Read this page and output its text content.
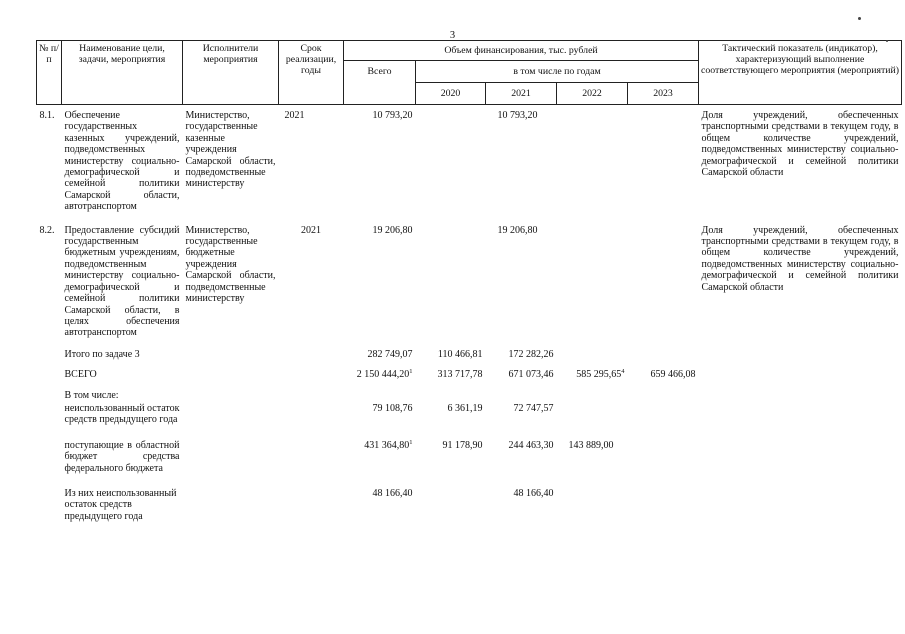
3
№ п/п	Наименование цели, задачи, мероприятия	Исполнители мероприятия	Срок реализации, годы	Объем финансирования, тыс. рублей					Тактический показатель (индикатор), характеризующий выполнение соответствующего мероприятия (мероприятий)
				Всего	в том числе по годам				
					2020	2021	2022	2023	
8.1.	Обеспечение государственных казенных учреждений, подведомственных министерству социально-демографической и семейной политики Самарской области, автотранспортом	Министерство, государственные казенные учреждения Самарской области, подведомственные министерству	2021	10 793,20		10 793,20			Доля учреждений, обеспеченных транспортными средствами в текущем году, в общем количестве учреждений, подведомственных министерству социально-демографической и семейной политики Самарской области

8.2.	Предоставление субсидий государственным бюджетным учреждениям, подведомственным министерству социально-демографической и семейной политики Самарской области, в целях обеспечения автотранспортом	Министерство, государственные бюджетные учреждения Самарской области, подведомственные министерству	2021	19 206,80		19 206,80			Доля учреждений, обеспеченных транспортными средствами в текущем году, в общем количестве учреждений, подведомственных министерству социально-демографической и семейной политики Самарской области

	Итого по задаче 3			282 749,07	110 466,81	172 282,26			

	ВСЕГО			2 150 444,20$^1$	313 717,78	671 073,46	585 295,65$^4$	659 466,08	

	В том числе:								
	неиспользованный остаток средств предыдущего года			79 108,76	6 361,19	72 747,57			

	поступающие в областной бюджет средства федерального бюджета			431 364,80$^1$	91 178,90	244 463,30	143 889,00		

	Из них неиспользованный остаток средств предыдущего года			48 166,40		48 166,40			
